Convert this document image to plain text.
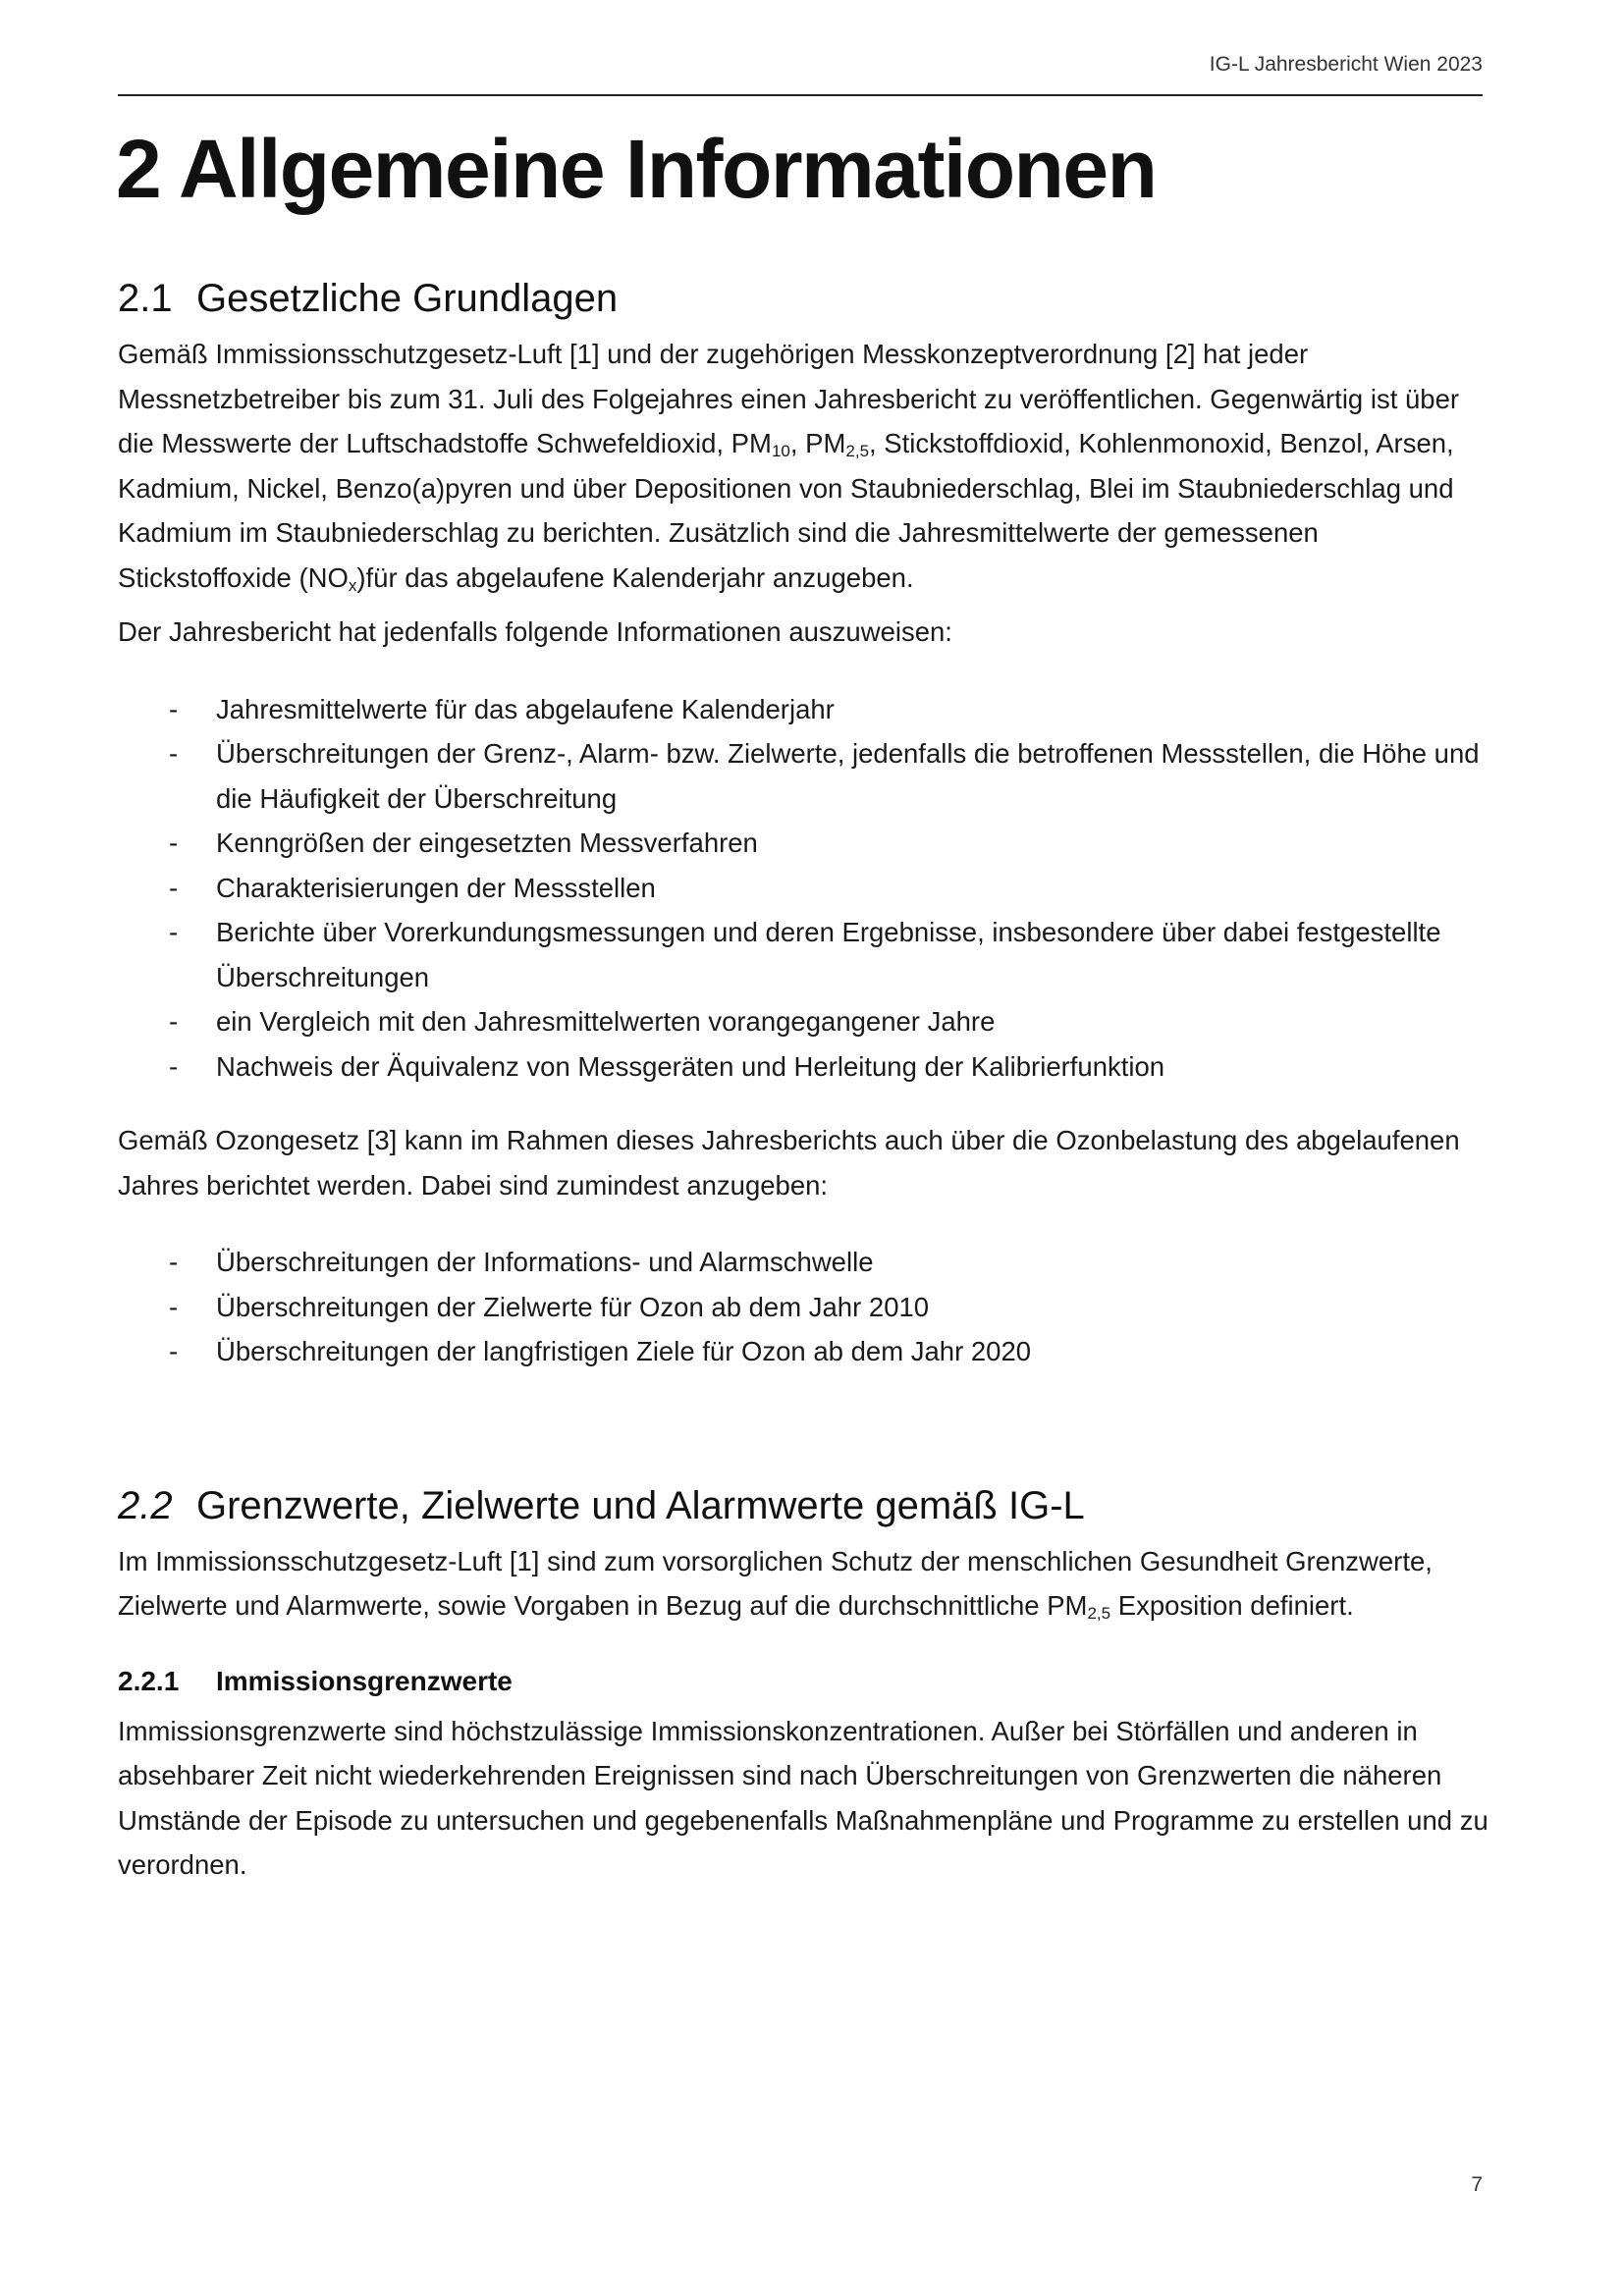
IG-L Jahresbericht Wien 2023
2 Allgemeine Informationen
2.1 Gesetzliche Grundlagen

Gemäß Immissionsschutzgesetz-Luft [1] und der zugehörigen Messkonzeptverordnung [2] hat jeder Messnetzbetreiber bis zum 31. Juli des Folgejahres einen Jahresbericht zu veröffentlichen. Gegenwärtig ist über die Messwerte der Luftschadstoffe Schwefeldioxid, $PM_{10}$, $PM_{2,5}$, Stickstoffdioxid, Kohlenmonoxid, Benzol, Arsen, Kadmium, Nickel, Benzo(a)pyren und über Depositionen von Staubniederschlag, Blei im Staubniederschlag und Kadmium im Staubniederschlag zu berichten. Zusätzlich sind die Jahresmittelwerte der gemessenen Stickstoffoxide $(NO_x)für$ das abgelaufene Kalenderjahr anzugeben.

Der Jahresbericht hat jedenfalls folgende Informationen auszuweisen:

- Jahresmittelwerte für das abgelaufene Kalenderjahr
- Überschreitungen der Grenz-, Alarm- bzw. Zielwerte, jedenfalls die betroffenen Messstellen, die Höhe und die Häufigkeit der Überschreitung
- Kenngrößen der eingesetzten Messverfahren
- Charakterisierungen der Messstellen
- Berichte über Vorerkundungsmessungen und deren Ergebnisse, insbesondere über dabei festgestellte Überschreitungen
- ein Vergleich mit den Jahresmittelwerten vorangegangener Jahre
- Nachweis der Äquivalenz von Messgeräten und Herleitung der Kalibrierfunktion

Gemäß Ozongesetz [3] kann im Rahmen dieses Jahresberichts auch über die Ozonbelastung des abgelaufenen Jahres berichtet werden. Dabei sind zumindest anzugeben:

- Überschreitungen der Informations- und Alarmschwelle
- Überschreitungen der Zielwerte für Ozon ab dem Jahr 2010
- Überschreitungen der langfristigen Ziele für Ozon ab dem Jahr 2020
2.2 Grenzwerte, Zielwerte und Alarmwerte gemäß IG-L

Im Immissionsschutzgesetz-Luft [1] sind zum vorsorglichen Schutz der menschlichen Gesundheit Grenzwerte, Zielwerte und Alarmwerte, sowie Vorgaben in Bezug auf die durchschnittliche $PM_{2,5}$ Exposition definiert.

2.2.1 Immissionsgrenzwerte

Immissionsgrenzwerte sind höchstzulässige Immissionskonzentrationen. Außer bei Störfällen und anderen in absehbarer Zeit nicht wiederkehrenden Ereignissen sind nach Überschreitungen von Grenzwerten die näheren Umstände der Episode zu untersuchen und gegebenenfalls Maßnahmenpläne und Programme zu erstellen und zu verordnen.

7
